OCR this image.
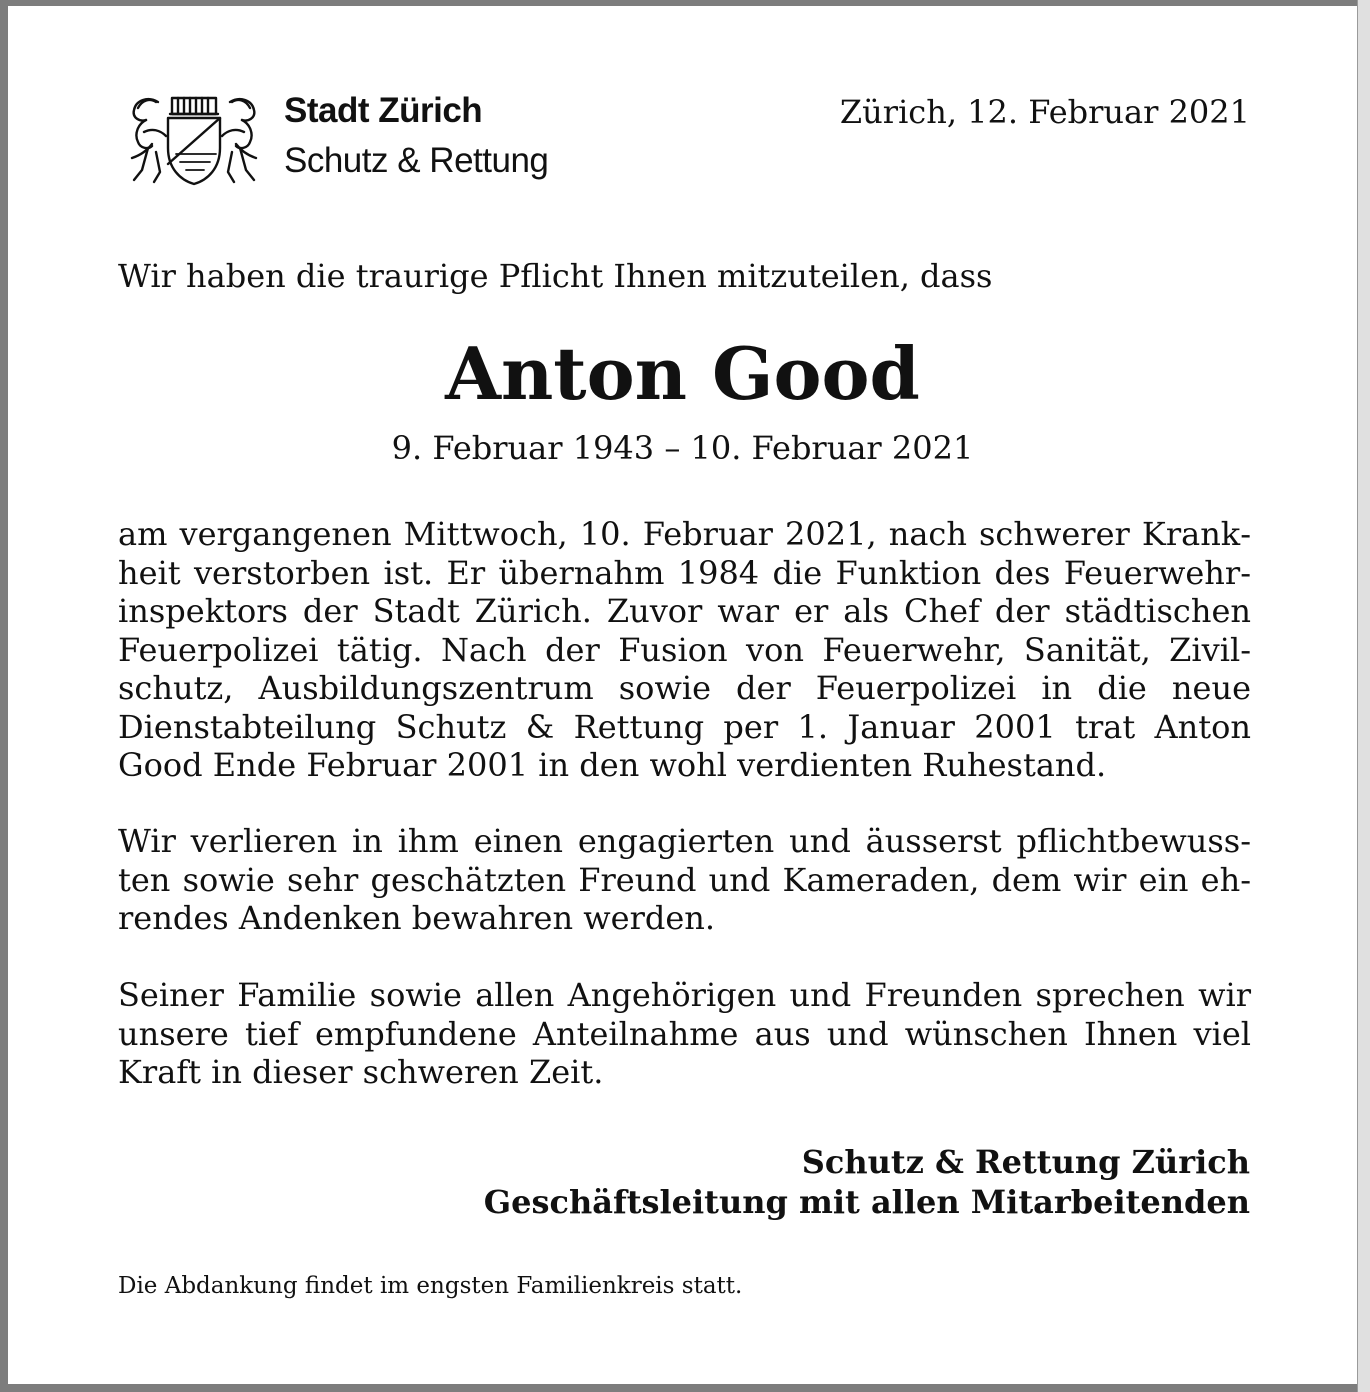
Stadt Zürich
Schutz & Rettung
Zürich, 12. Februar 2021
Wir haben die traurige Pflicht Ihnen mitzuteilen, dass
Anton Good
9. Februar 1943 – 10. Februar 2021

am vergangenen Mittwoch, 10. Februar 2021, nach schwerer Krankheit verstorben ist. Er übernahm 1984 die Funktion des Feuerwehrinspektors der Stadt Zürich. Zuvor war er als Chef der städtischen Feuerpolizei tätig. Nach der Fusion von Feuerwehr, Sanität, Zivilschutz, Ausbildungszentrum sowie der Feuerpolizei in die neue Dienstabteilung Schutz & Rettung per 1. Januar 2001 trat Anton Good Ende Februar 2001 in den wohl verdienten Ruhestand.

Wir verlieren in ihm einen engagierten und äusserst pflichtbewussten sowie sehr geschätzten Freund und Kameraden, dem wir ein ehrendes Andenken bewahren werden.

Seiner Familie sowie allen Angehörigen und Freunden sprechen wir unsere tief empfundene Anteilnahme aus und wünschen Ihnen viel Kraft in dieser schweren Zeit.

Schutz & Rettung Zürich
Geschäftsleitung mit allen Mitarbeitenden
Die Abdankung findet im engsten Familienkreis statt.
